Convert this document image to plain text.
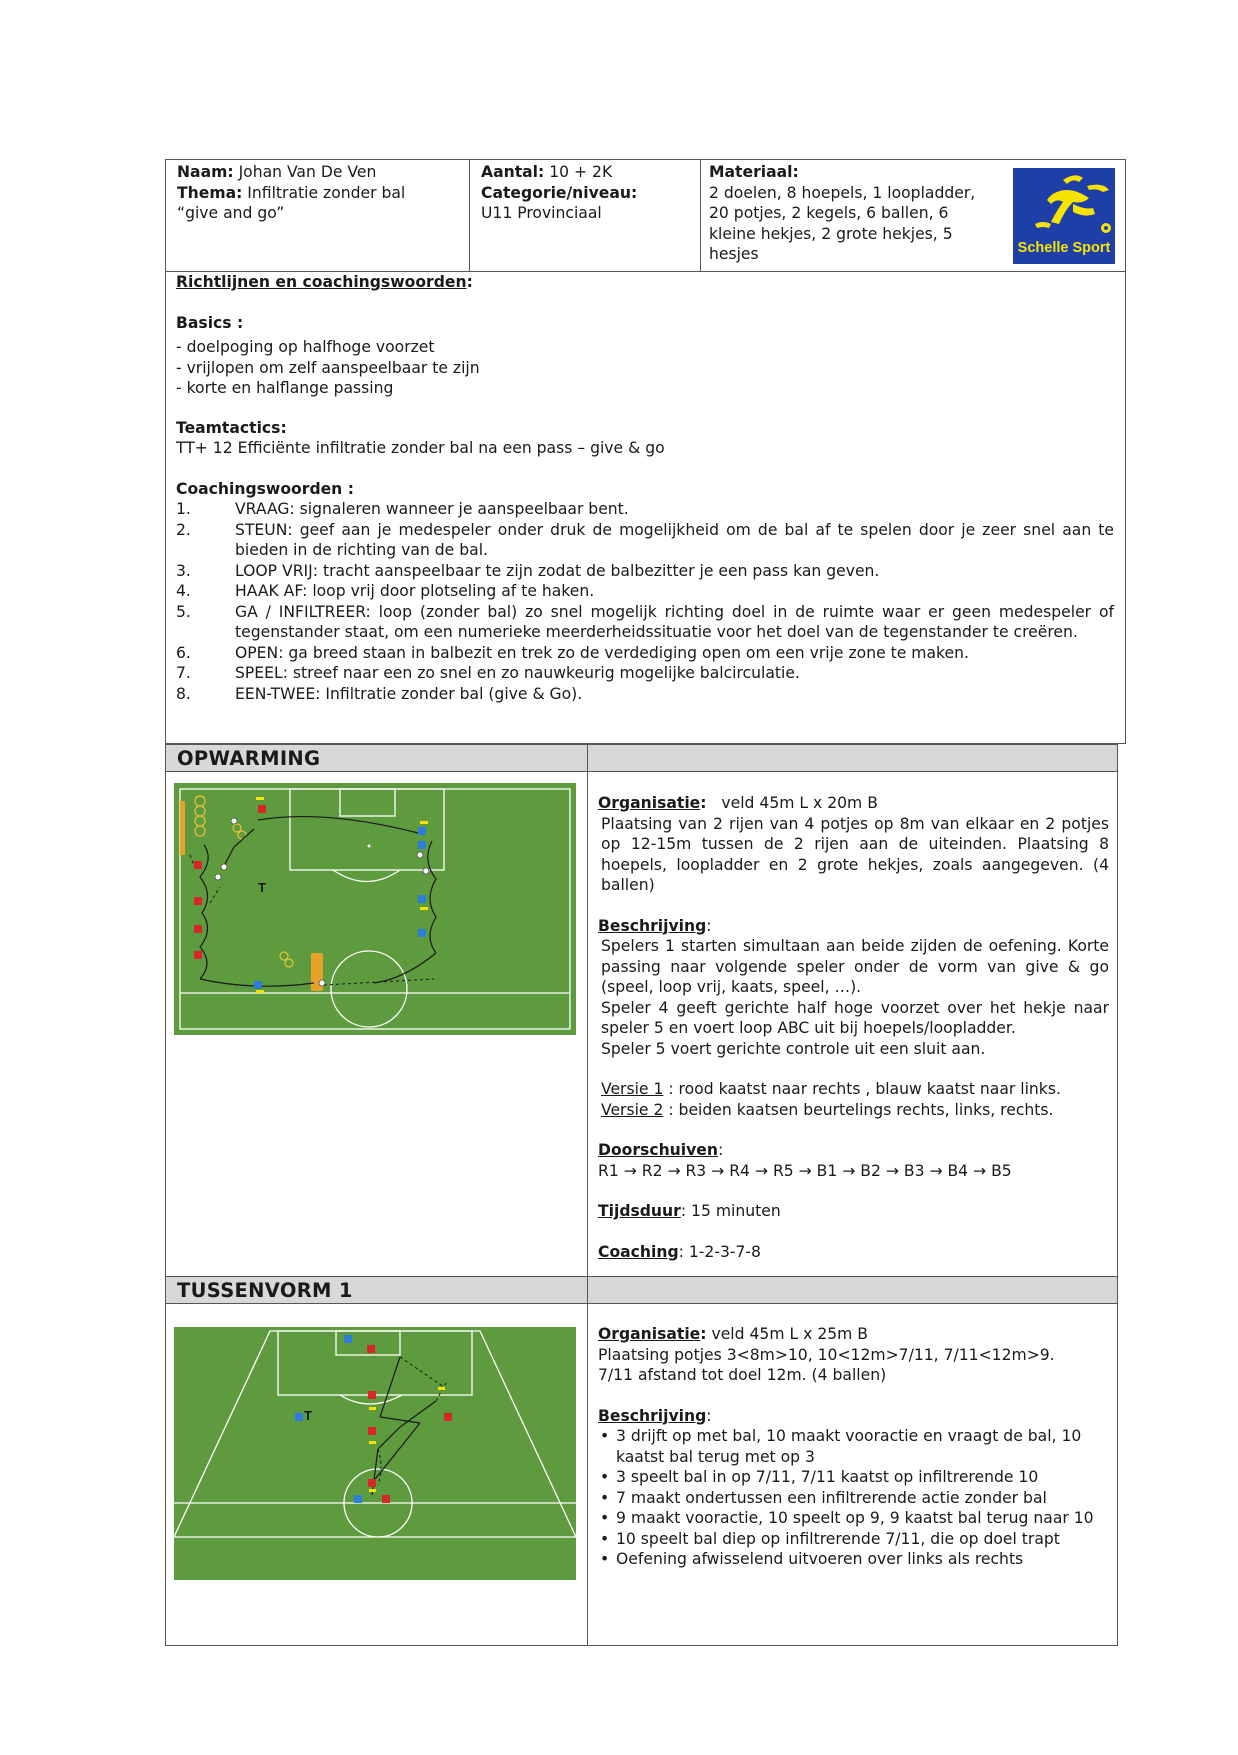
Naam: Johan Van De Ven
Thema: Infiltratie zonder bal
“give and go”
Aantal: 10 + 2K
Categorie/niveau:
U11 Provinciaal
Materiaal:
2 doelen, 8 hoepels, 1 loopladder,
20 potjes, 2 kegels, 6 ballen, 6
kleine hekjes, 2 grote hekjes, 5
hesjes	Schelle Sport
Richtlijnen en coachingswoorden:
Basics :
- doelpoging op halfhoge voorzet
- vrijlopen om zelf aanspeelbaar te zijn
- korte en halflange passing
Teamtactics:
TT+ 12 Efficiënte infiltratie zonder bal na een pass – give & go
Coachingswoorden :
1.	VRAAG: signaleren wanneer je aanspeelbaar bent.
2.	STEUN: geef aan je medespeler onder druk de mogelijkheid om de bal af te spelen door je zeer snel aan te bieden in de richting van de bal.
3.	LOOP VRIJ: tracht aanspeelbaar te zijn zodat de balbezitter je een pass kan geven.
4.	HAAK AF: loop vrij door plotseling af te haken.
5.	GA / INFILTREER: loop (zonder bal) zo snel mogelijk richting doel in de ruimte waar er geen medespeler of tegenstander staat, om een numerieke meerderheidssituatie voor het doel van de tegenstander te creëren.
6.	OPEN: ga breed staan in balbezit en trek zo de verdediging open om een vrije zone te maken.
7.	SPEEL: streef naar een zo snel en zo nauwkeurig mogelijke balcirculatie.
8.	EEN-TWEE: Infiltratie zonder bal (give & Go).
OPWARMING
T
Organisatie: veld 45m L x 20m B
Plaatsing van 2 rijen van 4 potjes op 8m van elkaar en 2 potjes op 12-15m tussen de 2 rijen aan de uiteinden. Plaatsing 8 hoepels, loopladder en 2 grote hekjes, zoals aangegeven. (4 ballen)
Beschrijving:
Spelers 1 starten simultaan aan beide zijden de oefening. Korte passing naar volgende speler onder de vorm van give & go (speel, loop vrij, kaats, speel, …).
Speler 4 geeft gerichte half hoge voorzet over het hekje naar speler 5 en voert loop ABC uit bij hoepels/loopladder.
Speler 5 voert gerichte controle uit een sluit aan.
Versie 1 : rood kaatst naar rechts , blauw kaatst naar links.
Versie 2 : beiden kaatsen beurtelings rechts, links, rechts.
Doorschuiven:
R1 → R2 → R3 → R4 → R5 → B1 → B2 → B3 → B4 → B5
Tijdsduur: 15 minuten
Coaching: 1-2-3-7-8
TUSSENVORM 1
T
Organisatie: veld 45m L x 25m B
Plaatsing potjes 3<8m>10, 10<12m>7/11, 7/11<12m>9.
7/11 afstand tot doel 12m. (4 ballen)
Beschrijving:
• 3 drijft op met bal, 10 maakt vooractie en vraagt de bal, 10 kaatst bal terug met op 3
• 3 speelt bal in op 7/11, 7/11 kaatst op infiltrerende 10
• 7 maakt ondertussen een infiltrerende actie zonder bal
• 9 maakt vooractie, 10 speelt op 9, 9 kaatst bal terug naar 10
• 10 speelt bal diep op infiltrerende 7/11, die op doel trapt
• Oefening afwisselend uitvoeren over links als rechts
